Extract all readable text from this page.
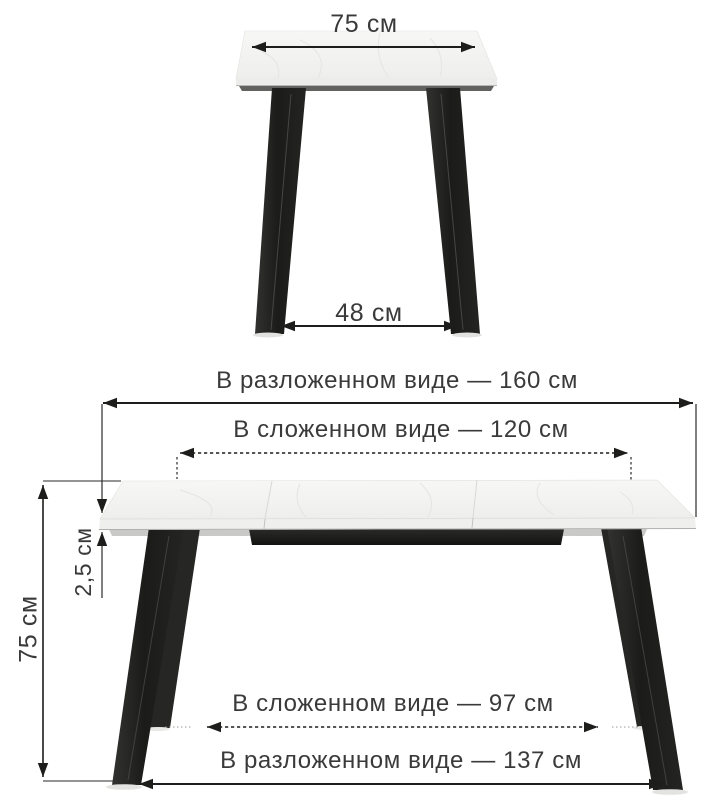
75 см
48 см
В разложенном виде — 160 см
В сложенном виде — 120 см
2,5 см
75 см
В сложенном виде — 97 см
В разложенном виде — 137 см
